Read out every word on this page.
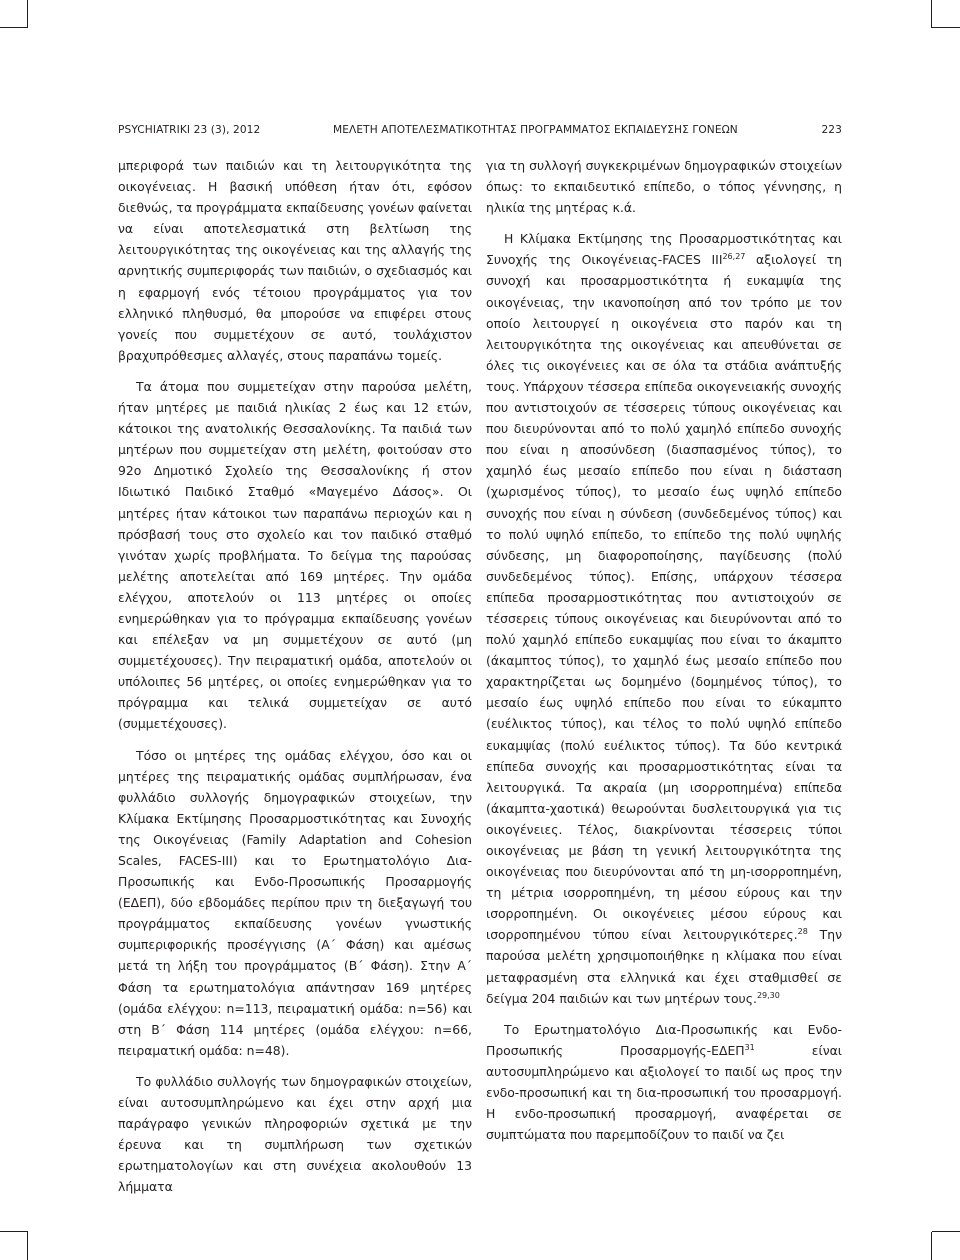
PSYCHIATRIKI 23 (3), 2012	ΜΕΛΕΤΗ ΑΠΟΤΕΛΕΣΜΑΤΙΚΟΤΗΤΑΣ ΠΡΟΓΡΑΜΜΑΤΟΣ ΕΚΠΑΙΔΕΥΣΗΣ ΓΟΝΕΩΝ	223

μπεριφορά των παιδιών και τη λειτουργικότητα της οικογένειας. Η βασική υπόθεση ήταν ότι, εφόσον διεθνώς, τα προγράμματα εκπαίδευσης γονέων φαίνεται να είναι αποτελεσματικά στη βελτίωση της λειτουργικότητας της οικογένειας και της αλλαγής της αρνητικής συμπεριφοράς των παιδιών, ο σχεδιασμός και η εφαρμογή ενός τέτοιου προγράμματος για τον ελληνικό πληθυσμό, θα μπορούσε να επιφέρει στους γονείς που συμμετέχουν σε αυτό, τουλάχιστον βραχυπρόθεσμες αλλαγές, στους παραπάνω τομείς.

Τα άτομα που συμμετείχαν στην παρούσα μελέτη, ήταν μητέρες με παιδιά ηλικίας 2 έως και 12 ετών, κάτοικοι της ανατολικής Θεσσαλονίκης. Τα παιδιά των μητέρων που συμμετείχαν στη μελέτη, φοιτούσαν στο 92ο Δημοτικό Σχολείο της Θεσσαλονίκης ή στον Ιδιωτικό Παιδικό Σταθμό «Μαγεμένο Δάσος». Οι μητέρες ήταν κάτοικοι των παραπάνω περιοχών και η πρόσβασή τους στο σχολείο και τον παιδικό σταθμό γινόταν χωρίς προβλήματα. Το δείγμα της παρούσας μελέτης αποτελείται από 169 μητέρες. Την ομάδα ελέγχου, αποτελούν οι 113 μητέρες οι οποίες ενημερώθηκαν για το πρόγραμμα εκπαίδευσης γονέων και επέλεξαν να μη συμμετέχουν σε αυτό (μη συμμετέχουσες). Την πειραματική ομάδα, αποτελούν οι υπόλοιπες 56 μητέρες, οι οποίες ενημερώθηκαν για το πρόγραμμα και τελικά συμμετείχαν σε αυτό (συμμετέχουσες).

Τόσο οι μητέρες της ομάδας ελέγχου, όσο και οι μητέρες της πειραματικής ομάδας συμπλήρωσαν, ένα φυλλάδιο συλλογής δημογραφικών στοιχείων, την Κλίμακα Εκτίμησης Προσαρμοστικότητας και Συνοχής της Οικογένειας (Family Adaptation and Cohesion Scales, FACES-III) και το Ερωτηματολόγιο Δια-Προσωπικής και Ενδο-Προσωπικής Προσαρμογής (ΕΔΕΠ), δύο εβδομάδες περίπου πριν τη διεξαγωγή του προγράμματος εκπαίδευσης γονέων γνωστικής συμπεριφορικής προσέγγισης (Α΄ Φάση) και αμέσως μετά τη λήξη του προγράμματος (Β΄ Φάση). Στην Α΄ Φάση τα ερωτηματολόγια απάντησαν 169 μητέρες (ομάδα ελέγχου: n=113, πειραματική ομάδα: n=56) και στη Β΄ Φάση 114 μητέρες (ομάδα ελέγχου: n=66, πειραματική ομάδα: n=48).

Το φυλλάδιο συλλογής των δημογραφικών στοιχείων, είναι αυτοσυμπληρώμενο και έχει στην αρχή μια παράγραφο γενικών πληροφοριών σχετικά με την έρευνα και τη συμπλήρωση των σχετικών ερωτηματολογίων και στη συνέχεια ακολουθούν 13 λήμματα

για τη συλλογή συγκεκριμένων δημογραφικών στοιχείων όπως: το εκπαιδευτικό επίπεδο, ο τόπος γέννησης, η ηλικία της μητέρας κ.ά.

Η Κλίμακα Εκτίμησης της Προσαρμοστικότητας και Συνοχής της Οικογένειας-FACES III$^{26,27}$ αξιολογεί τη συνοχή και προσαρμοστικότητα ή ευκαμψία της οικογένειας, την ικανοποίηση από τον τρόπο με τον οποίο λειτουργεί η οικογένεια στο παρόν και τη λειτουργικότητα της οικογένειας και απευθύνεται σε όλες τις οικογένειες και σε όλα τα στάδια ανάπτυξής τους. Υπάρχουν τέσσερα επίπεδα οικογενειακής συνοχής που αντιστοιχούν σε τέσσερεις τύπους οικογένειας και που διευρύνονται από το πολύ χαμηλό επίπεδο συνοχής που είναι η αποσύνδεση (διασπασμένος τύπος), το χαμηλό έως μεσαίο επίπεδο που είναι η διάσταση (χωρισμένος τύπος), το μεσαίο έως υψηλό επίπεδο συνοχής που είναι η σύνδεση (συνδεδεμένος τύπος) και το πολύ υψηλό επίπεδο, το επίπεδο της πολύ υψηλής σύνδεσης, μη διαφοροποίησης, παγίδευσης (πολύ συνδεδεμένος τύπος). Επίσης, υπάρχουν τέσσερα επίπεδα προσαρμοστικότητας που αντιστοιχούν σε τέσσερεις τύπους οικογένειας και διευρύνονται από το πολύ χαμηλό επίπεδο ευκαμψίας που είναι το άκαμπτο (άκαμπτος τύπος), το χαμηλό έως μεσαίο επίπεδο που χαρακτηρίζεται ως δομημένο (δομημένος τύπος), το μεσαίο έως υψηλό επίπεδο που είναι το εύκαμπτο (ευέλικτος τύπος), και τέλος το πολύ υψηλό επίπεδο ευκαμψίας (πολύ ευέλικτος τύπος). Τα δύο κεντρικά επίπεδα συνοχής και προσαρμοστικότητας είναι τα λειτουργικά. Τα ακραία (μη ισορροπημένα) επίπεδα (άκαμπτα-χαοτικά) θεωρούνται δυσλειτουργικά για τις οικογένειες. Τέλος, διακρίνονται τέσσερεις τύποι οικογένειας με βάση τη γενική λειτουργικότητα της οικογένειας που διευρύνονται από τη μη-ισορροπημένη, τη μέτρια ισορροπημένη, τη μέσου εύρους και την ισορροπημένη. Οι οικογένειες μέσου εύρους και ισορροπημένου τύπου είναι λειτουργικότερες.$^{28}$ Την παρούσα μελέτη χρησιμοποιήθηκε η κλίμακα που είναι μεταφρασμένη στα ελληνικά και έχει σταθμισθεί σε δείγμα 204 παιδιών και των μητέρων τους.$^{29,30}$

Το Ερωτηματολόγιο Δια-Προσωπικής και Ενδο-Προσωπικής Προσαρμογής-ΕΔΕΠ$^{31}$ είναι αυτοσυμπληρώμενο και αξιολογεί το παιδί ως προς την ενδο-προσωπική και τη δια-προσωπική του προσαρμογή. Η ενδο-προσωπική προσαρμογή, αναφέρεται σε συμπτώματα που παρεμποδίζουν το παιδί να ζει
